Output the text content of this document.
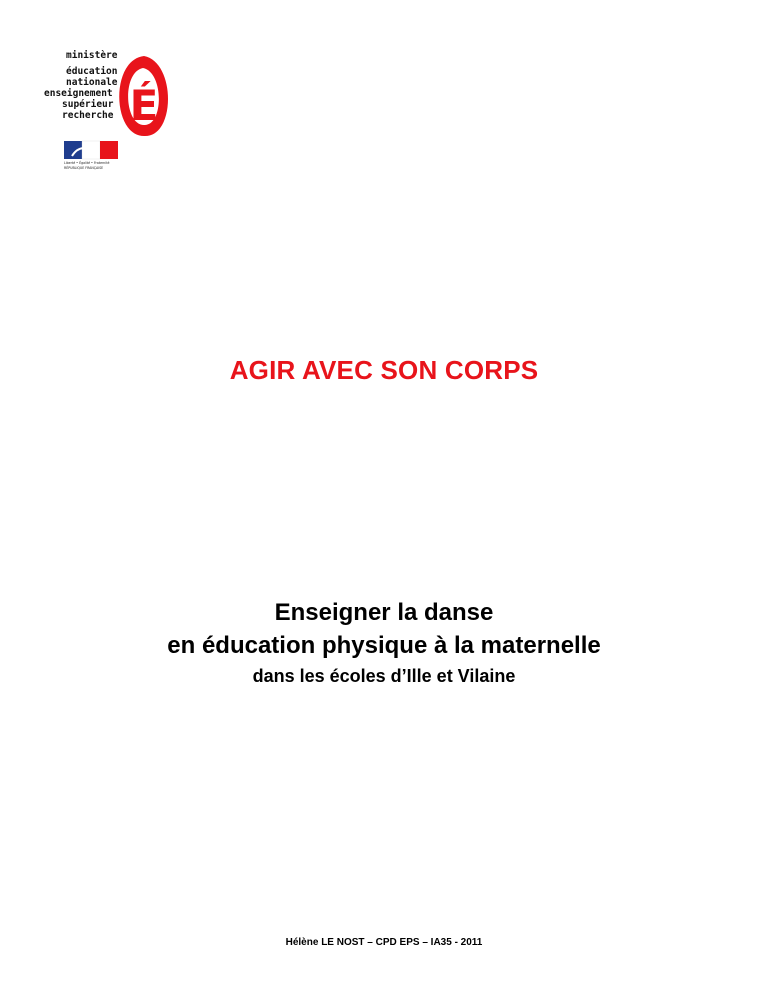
É
ministère
éducation
nationale
enseignement
supérieur
recherche
Liberté • Égalité • Fraternité
RÉPUBLIQUE FRANÇAISE
AGIR AVEC SON CORPS
Enseigner la danse
en éducation physique à la maternelle
dans les écoles d’Ille et Vilaine
Hélène LE NOST – CPD EPS – IA35 - 2011
